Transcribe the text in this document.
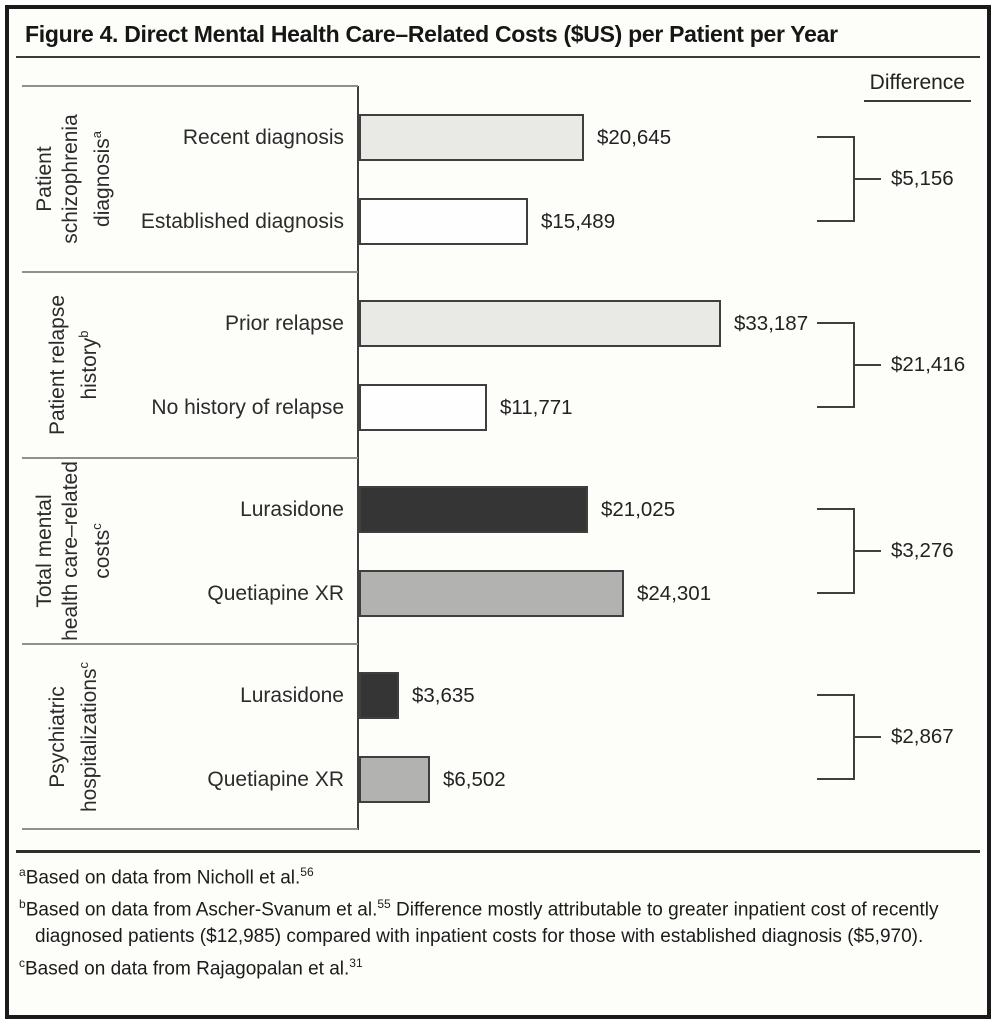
Figure 4. Direct Mental Health Care–Related Costs ($US) per Patient per Year
Difference
Patient schizophrenia diagnosis$^a$	Recent diagnosis
Established diagnosis
$20,645
$15,489
$5,156
Patient relapse history$^b$	Prior relapse
No history of relapse
$33,187
$11,771
$21,416
Total mental health care–related costs$^c$
Lurasidone
Quetiapine XR
$21,025
$24,301
$3,276
Psychiatric hospitalizations$^c$
Lurasidone
Quetiapine XR
$3,635
$6,502
$2,867

$^a$Based on data from Nicholl et al.$^{56}$

$^b$Based on data from Ascher-Svanum et al.$^{55}$ Difference mostly attributable to greater inpatient cost of recently diagnosed patients ($12,985) compared with inpatient costs for those with established diagnosis ($5,970).

$^c$Based on data from Rajagopalan et al.$^{31}$
